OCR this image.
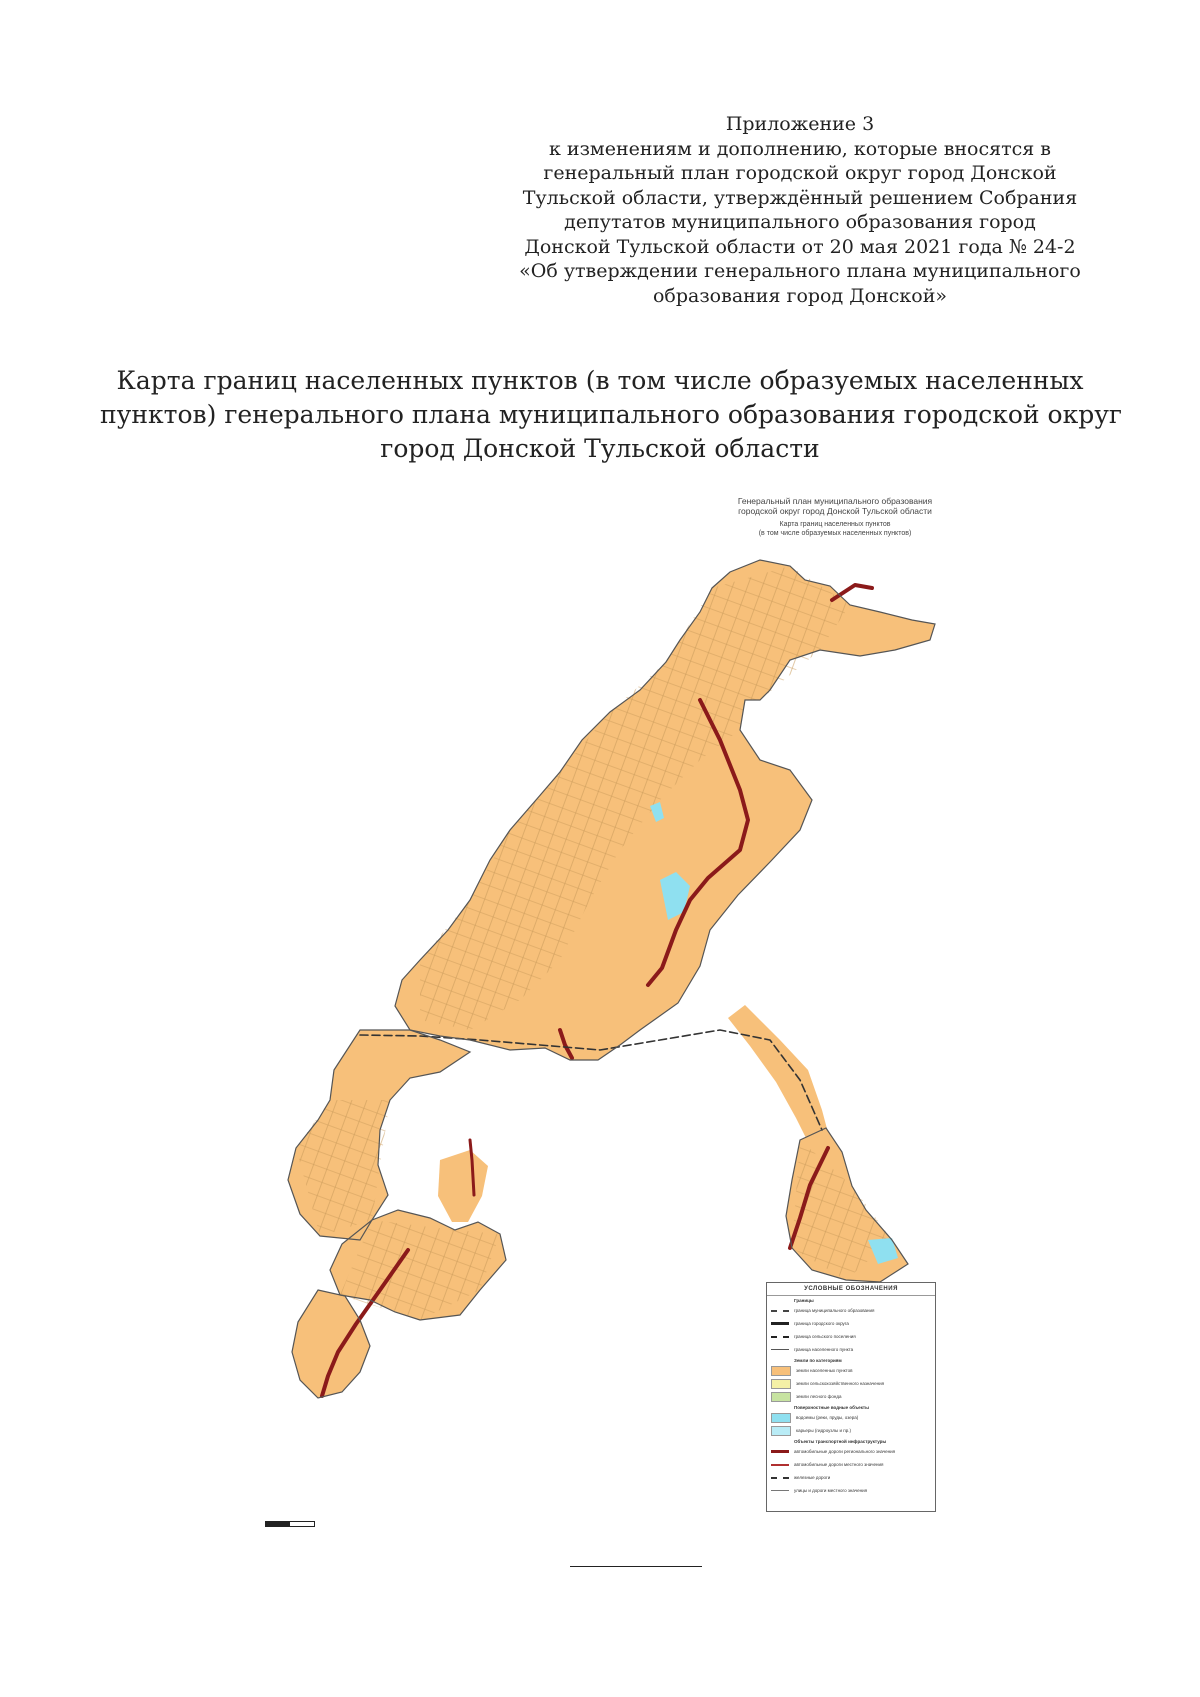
Приложение 3
к изменениям и дополнению, которые вносятся в
генеральный план городской округ город Донской
Тульской области, утверждённый решением Собрания
депутатов муниципального образования город
Донской Тульской области от 20 мая 2021 года № 24-2
«Об утверждении генерального плана муниципального
образования город Донской»
Карта границ населенных пунктов (в том числе образуемых населенных
пунктов) генерального плана муниципального образования городской округ
город Донской Тульской области
Генеральный план муниципального образования
городской округ город Донской Тульской области
Карта границ населенных пунктов
(в том числе образуемых населенных пунктов)
УСЛОВНЫЕ ОБОЗНАЧЕНИЯ
Границы
граница муниципального образования
граница городского округа
граница сельского поселения
граница населенного пункта
Земли по категориям
земли населенных пунктов
земли сельскохозяйственного назначения
земли лесного фонда
Поверхностные водные объекты
водоемы (реки, пруды, озера)
карьеры (гидроузлы и пр.)
Объекты транспортной инфраструктуры
автомобильные дороги регионального значения
автомобильные дороги местного значения
железные дороги
улицы и дороги местного значения
